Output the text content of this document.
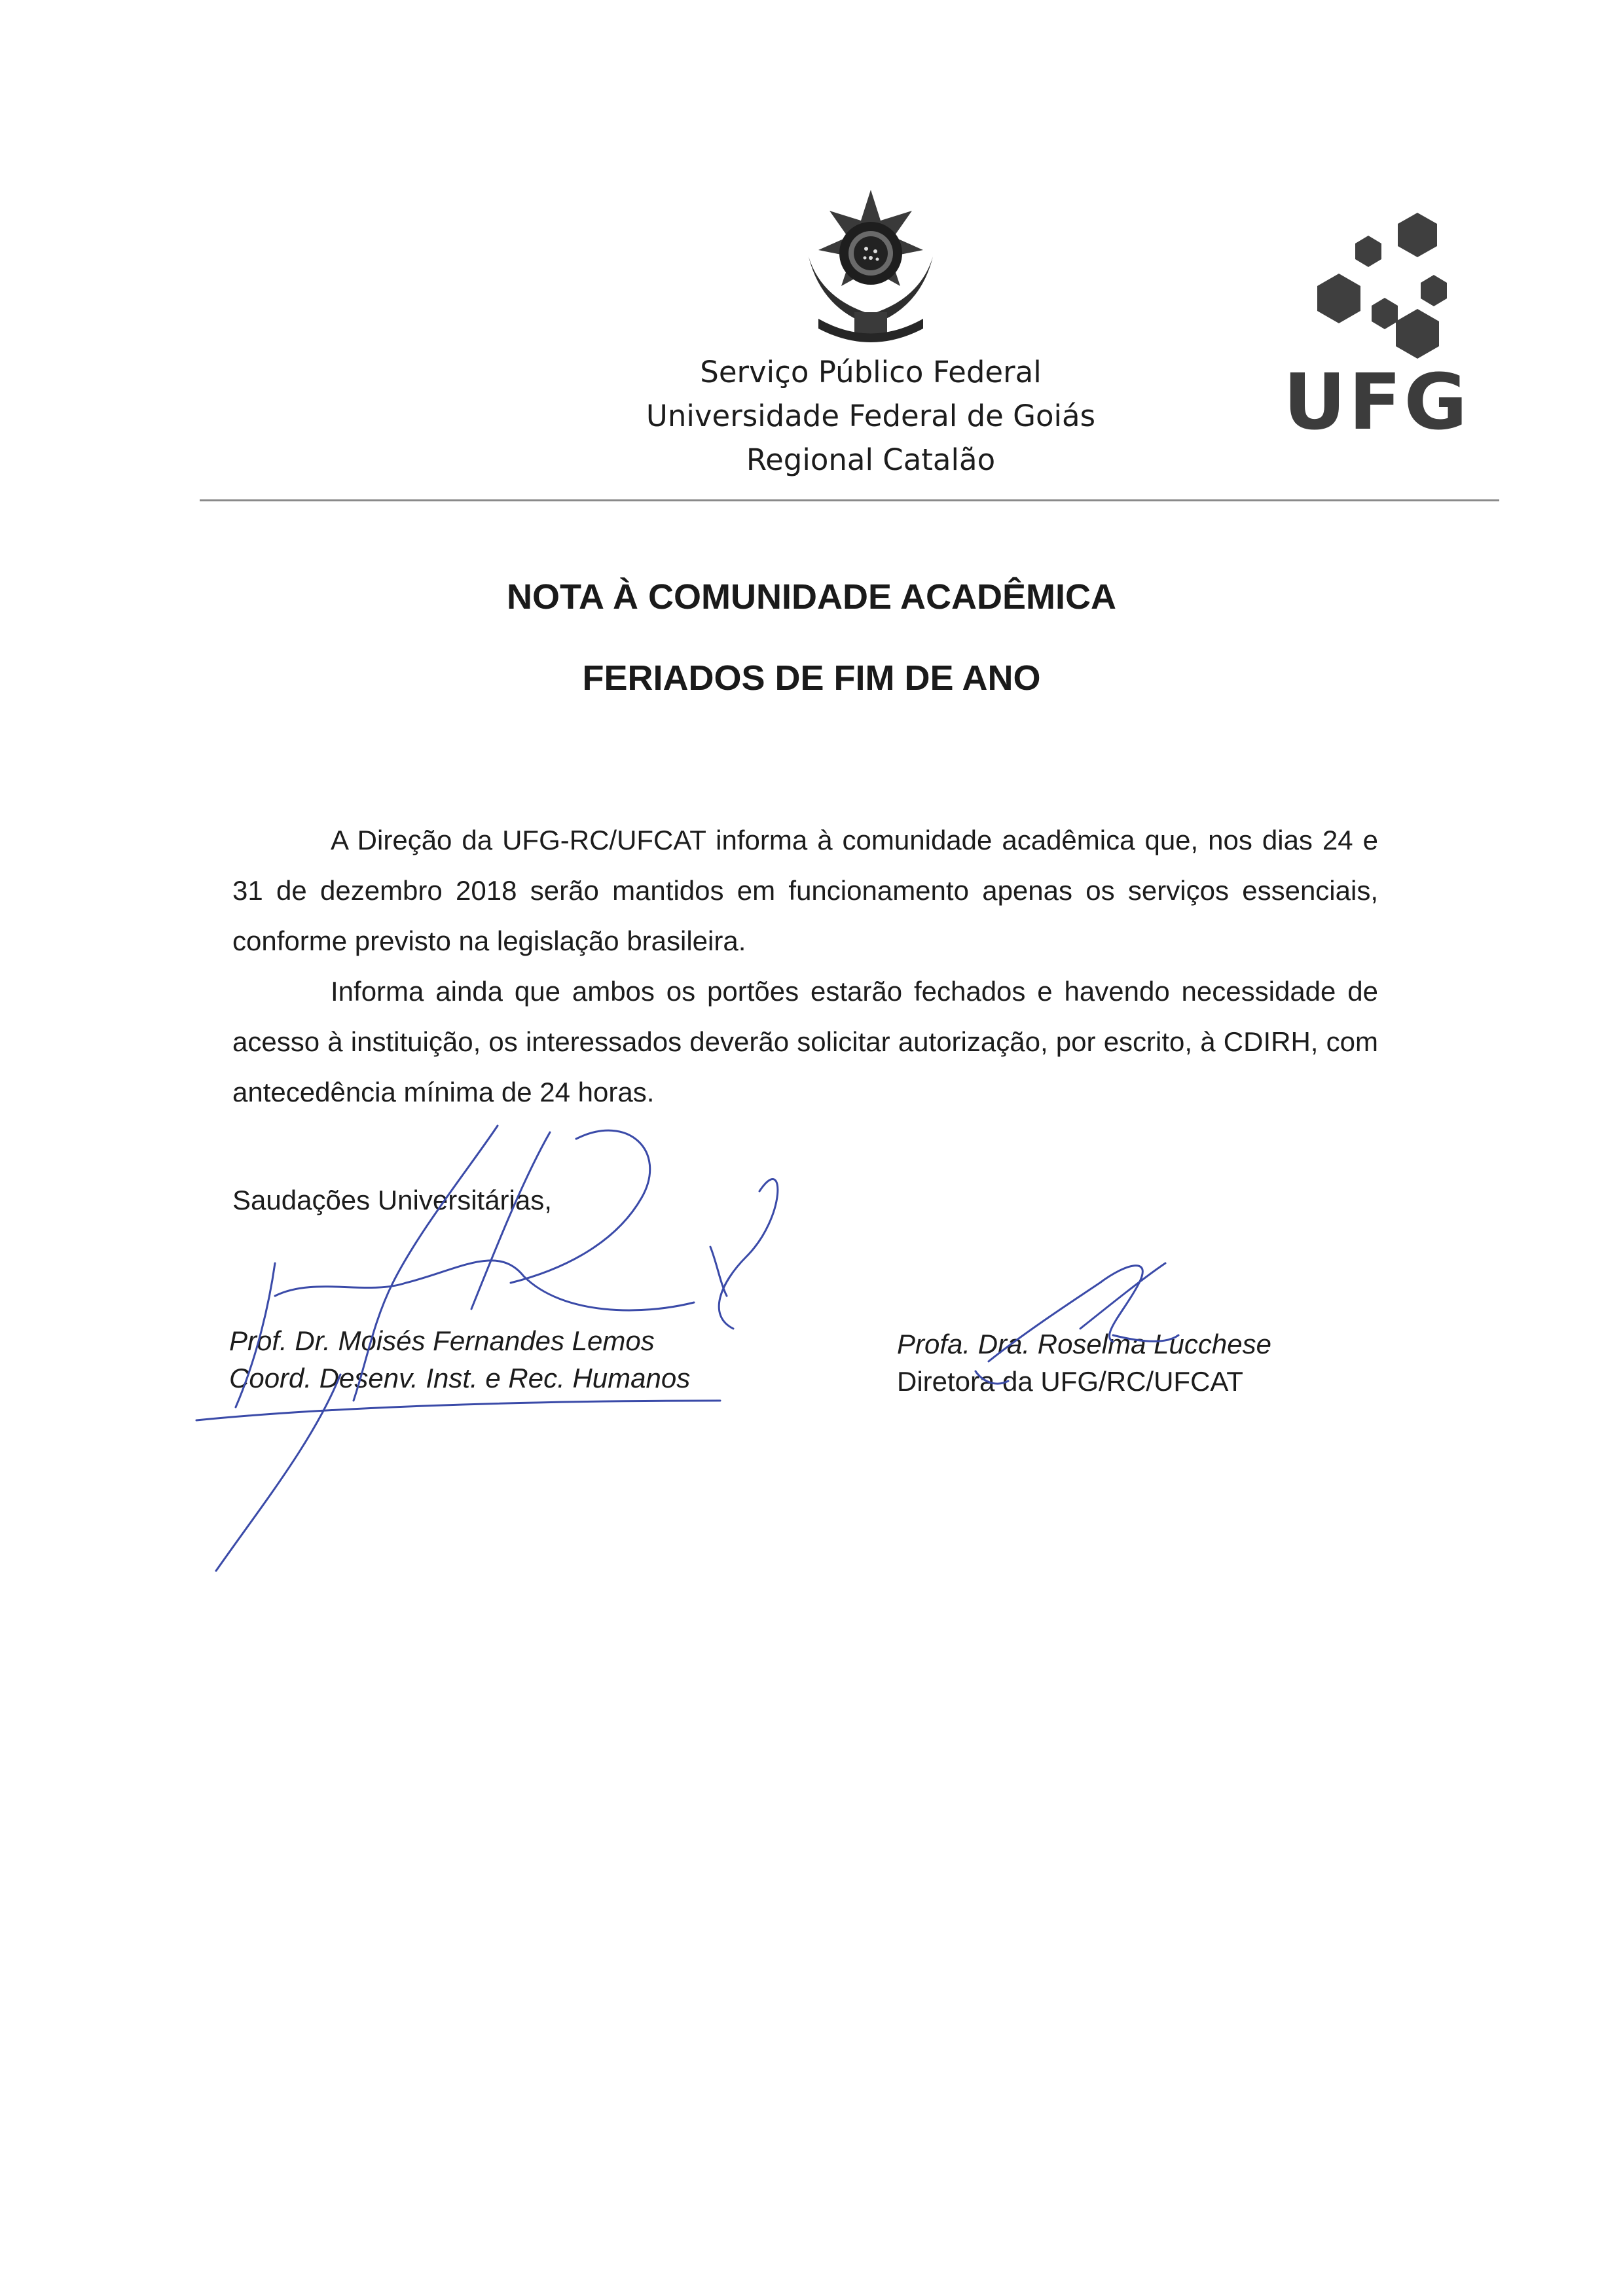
Serviço Público Federal
Universidade Federal de Goiás
Regional Catalão
UFG
NOTA À COMUNIDADE ACADÊMICA
FERIADOS DE FIM DE ANO

A Direção da UFG-RC/UFCAT informa à comunidade acadêmica que, nos dias 24 e 31 de dezembro 2018 serão mantidos em funcionamento apenas os serviços essenciais, conforme previsto na legislação brasileira.

Informa ainda que ambos os portões estarão fechados e havendo necessidade de acesso à instituição, os interessados deverão solicitar autorização, por escrito, à CDIRH, com antecedência mínima de 24 horas.

Saudações Universitárias,
Prof. Dr. Moisés Fernandes Lemos
Coord. Desenv. Inst. e Rec. Humanos
Profa. Dra. Roselma Lucchese
Diretora da UFG/RC/UFCAT
